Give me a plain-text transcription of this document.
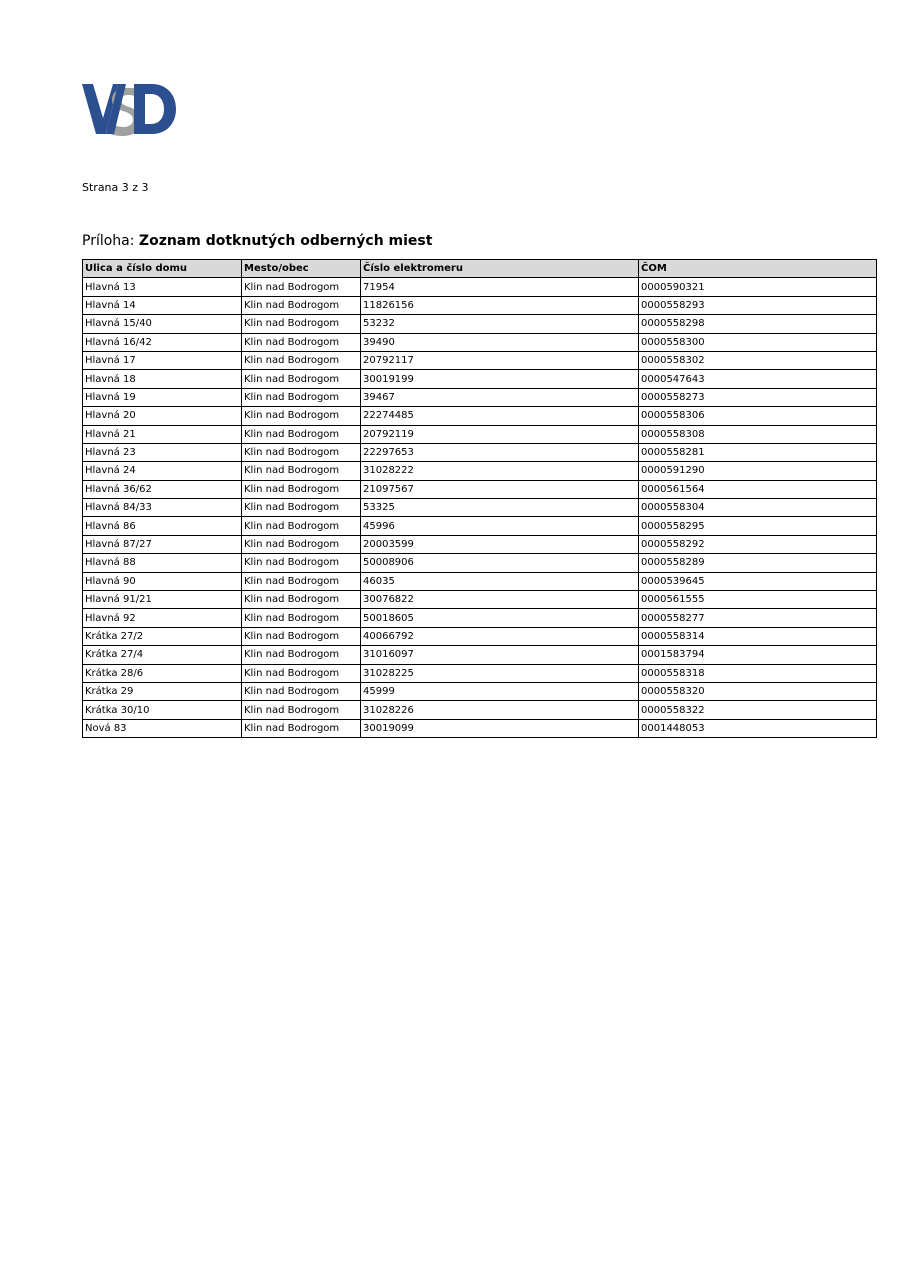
Strana 3 z 3
Príloha: Zoznam dotknutých odberných miest
Ulica a číslo domu	Mesto/obec	Číslo elektromeru	ČOM
Hlavná 13	Klin nad Bodrogom	71954	0000590321
Hlavná 14	Klin nad Bodrogom	11826156	0000558293
Hlavná 15/40	Klin nad Bodrogom	53232	0000558298
Hlavná 16/42	Klin nad Bodrogom	39490	0000558300
Hlavná 17	Klin nad Bodrogom	20792117	0000558302
Hlavná 18	Klin nad Bodrogom	30019199	0000547643
Hlavná 19	Klin nad Bodrogom	39467	0000558273
Hlavná 20	Klin nad Bodrogom	22274485	0000558306
Hlavná 21	Klin nad Bodrogom	20792119	0000558308
Hlavná 23	Klin nad Bodrogom	22297653	0000558281
Hlavná 24	Klin nad Bodrogom	31028222	0000591290
Hlavná 36/62	Klin nad Bodrogom	21097567	0000561564
Hlavná 84/33	Klin nad Bodrogom	53325	0000558304
Hlavná 86	Klin nad Bodrogom	45996	0000558295
Hlavná 87/27	Klin nad Bodrogom	20003599	0000558292
Hlavná 88	Klin nad Bodrogom	50008906	0000558289
Hlavná 90	Klin nad Bodrogom	46035	0000539645
Hlavná 91/21	Klin nad Bodrogom	30076822	0000561555
Hlavná 92	Klin nad Bodrogom	50018605	0000558277
Krátka 27/2	Klin nad Bodrogom	40066792	0000558314
Krátka 27/4	Klin nad Bodrogom	31016097	0001583794
Krátka 28/6	Klin nad Bodrogom	31028225	0000558318
Krátka 29	Klin nad Bodrogom	45999	0000558320
Krátka 30/10	Klin nad Bodrogom	31028226	0000558322
Nová 83	Klin nad Bodrogom	30019099	0001448053
